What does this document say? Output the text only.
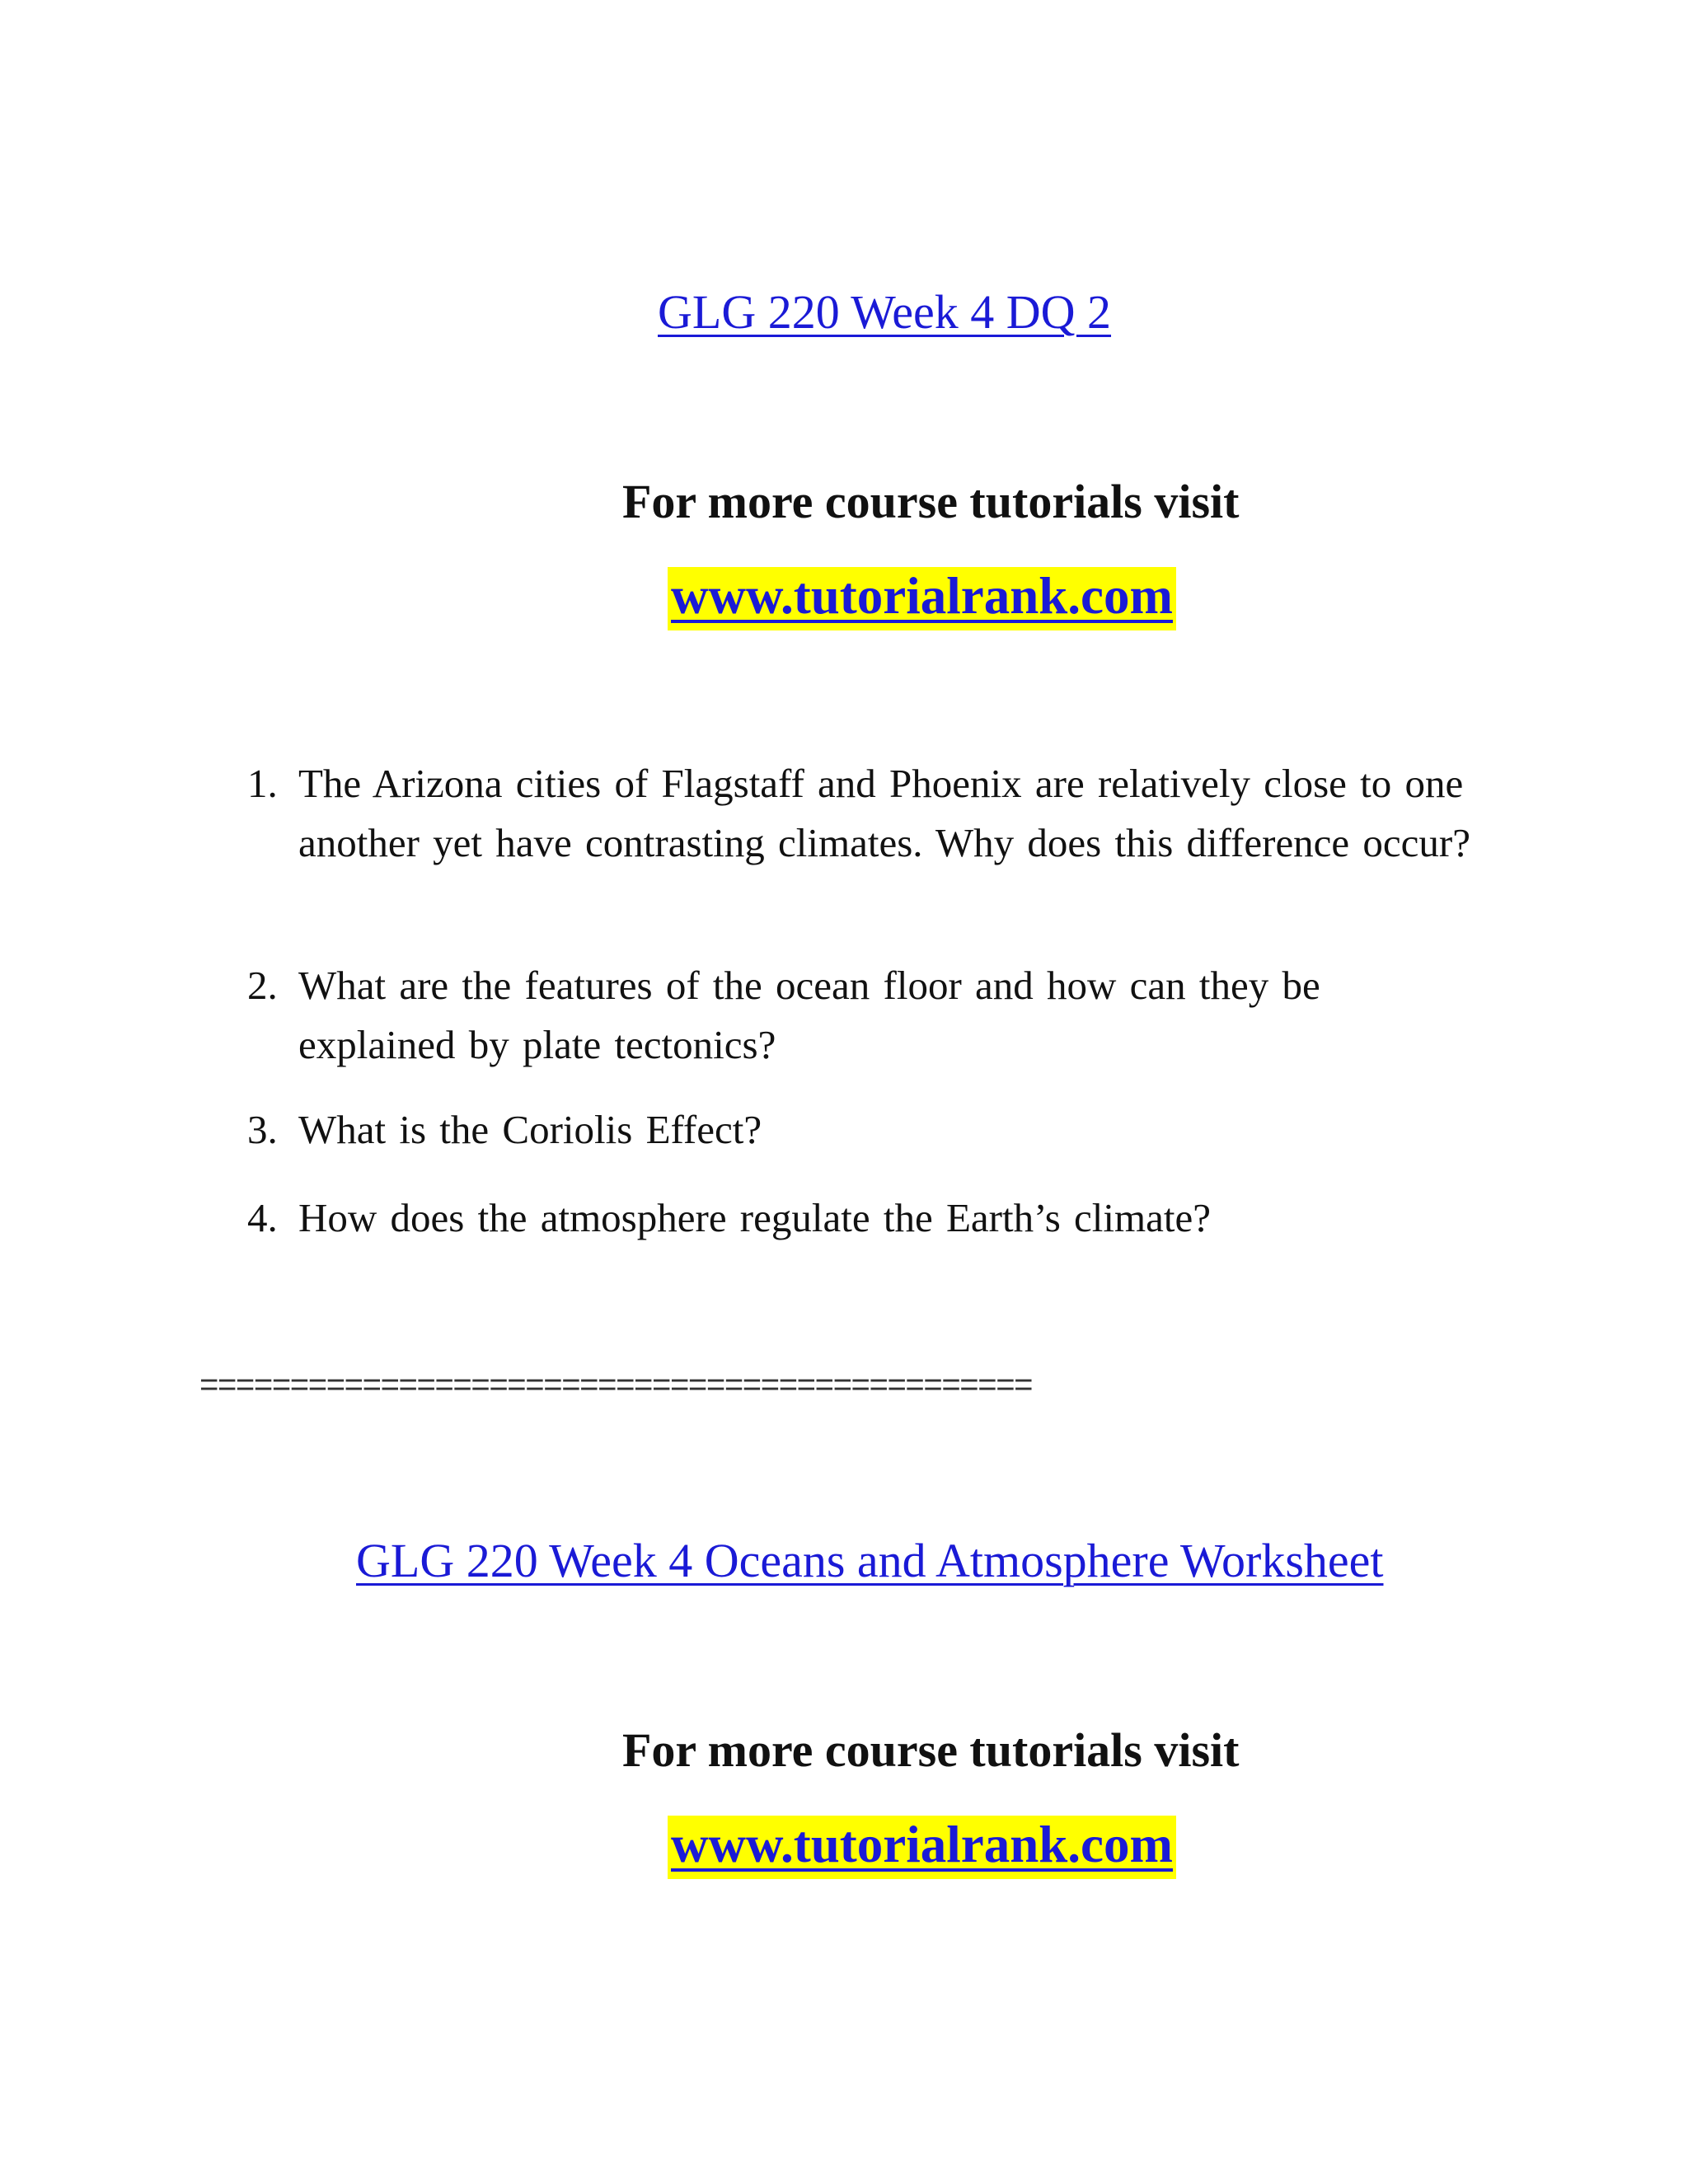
GLG 220 Week 4 DQ 2
For more course tutorials visit
www.tutorialrank.com
1. The Arizona cities of Flagstaff and Phoenix are relatively close to one another yet have contrasting climates. Why does this difference occur?
2. What are the features of the ocean floor and how can they be explained by plate tectonics?
3. What is the Coriolis Effect?
4. How does the atmosphere regulate the Earth’s climate?
==============================================
GLG 220 Week 4 Oceans and Atmosphere Worksheet
For more course tutorials visit
www.tutorialrank.com
